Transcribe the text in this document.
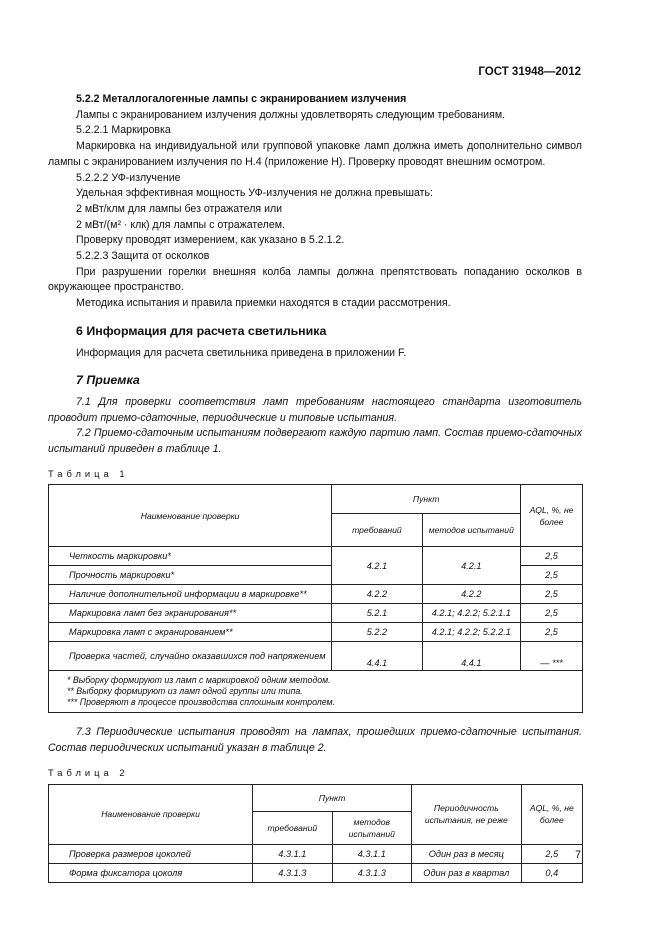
ГОСТ 31948—2012

5.2.2 Металлогалогенные лампы с экранированием излучения

Лампы с экранированием излучения должны удовлетворять следующим требованиям.

5.2.2.1 Маркировка

Маркировка на индивидуальной или групповой упаковке ламп должна иметь дополнительно символ лампы с экранированием излучения по Н.4 (приложение Н). Проверку проводят внешним осмотром.

5.2.2.2 УФ-излучение

Удельная эффективная мощность УФ-излучения не должна превышать:

2 мВт/клм для лампы без отражателя или

2 мВт/(м² · клк) для лампы с отражателем.

Проверку проводят измерением, как указано в 5.2.1.2.

5.2.2.3 Защита от осколков

При разрушении горелки внешняя колба лампы должна препятствовать попаданию осколков в окружающее пространство.

Методика испытания и правила приемки находятся в стадии рассмотрения.

6 Информация для расчета светильника

Информация для расчета светильника приведена в приложении F.

7 Приемка

7.1 Для проверки соответствия ламп требованиям настоящего стандарта изготовитель проводит приемо-сдаточные, периодические и типовые испытания.

7.2 Приемо-сдаточным испытаниям подвергают каждую партию ламп. Состав приемо-сдаточных испытаний приведен в таблице 1.

Таблица 1

Наименование проверки	Пункт		AQL, %, не более
	требований	методов испытаний	
Четкость маркировки*	4.2.1	4.2.1	2,5
Прочность маркировки*			2,5
Наличие дополнительной информации в маркировке**	4.2.2	4.2.2	2,5
Маркировка ламп без экранирования**	5.2.1	4.2.1; 4.2.2; 5.2.1.1	2,5
Маркировка ламп с экранированием**	5.2.2	4.2.1; 4.2.2; 5.2.2.1	2,5
Проверка частей, случайно оказавшихся под напряжением	4.4.1	4.4.1	— ***

* Выборку формируют из ламп с маркировкой одним методом.
** Выборку формируют из ламп одной группы или типа.
*** Проверяют в процессе производства сплошным контролем.			

7.3 Периодические испытания проводят на лампах, прошедших приемо-сдаточные испытания. Состав периодических испытаний указан в таблице 2.

Таблица 2

Наименование проверки	Пункт		Периодичность испытания, не реже	AQL, %, не более
	требований	методов испытаний		
Проверка размеров цоколей	4.3.1.1	4.3.1.1	Один раз в месяц	2,5
Форма фиксатора цоколя	4.3.1.3	4.3.1.3	Один раз в квартал	0,4
7
